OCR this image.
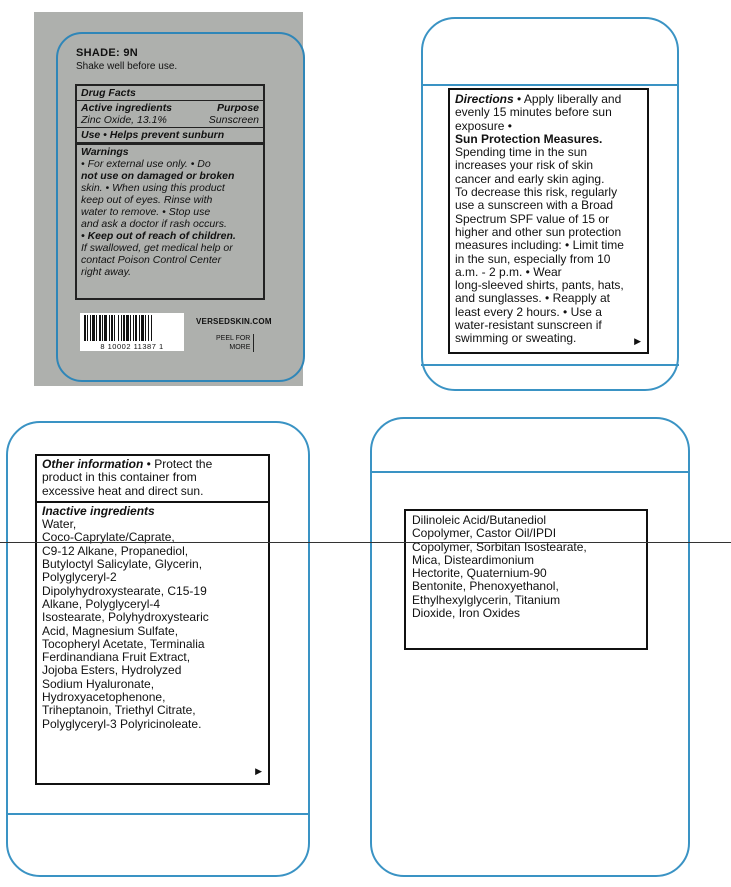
SHADE: 9N
Shake well before use.
Drug Facts
Active ingredients	Purpose
Zinc Oxide, 13.1%	Sunscreen
Use • Helps prevent sunburn
Warnings
• For external use only. • Do
not use on damaged or broken
skin. • When using this product
keep out of eyes. Rinse with
water to remove. • Stop use
and ask a doctor if rash occurs.
• Keep out of reach of children.
If swallowed, get medical help or
contact Poison Control Center
right away.
8 10002 11387 1
VERSEDSKIN.COM
PEEL FOR
MORE
Directions • Apply liberally and
evenly 15 minutes before sun
exposure •
Sun Protection Measures.
Spending time in the sun
increases your risk of skin
cancer and early skin aging.
To decrease this risk, regularly
use a sunscreen with a Broad
Spectrum SPF value of 15 or
higher and other sun protection
measures including: • Limit time
in the sun, especially from 10
a.m. - 2 p.m. • Wear
long-sleeved shirts, pants, hats,
and sunglasses. • Reapply at
least every 2 hours. • Use a
water-resistant sunscreen if
swimming or sweating.	▶
Other information • Protect the
product in this container from
excessive heat and direct sun.
Inactive ingredients
Water,
Coco-Caprylate/Caprate,
C9-12 Alkane, Propanediol,
Butyloctyl Salicylate, Glycerin,
Polyglyceryl-2
Dipolyhydroxystearate, C15-19
Alkane, Polyglyceryl-4
Isostearate, Polyhydroxystearic
Acid, Magnesium Sulfate,
Tocopheryl Acetate, Terminalia
Ferdinandiana Fruit Extract,
Jojoba Esters, Hydrolyzed
Sodium Hyaluronate,
Hydroxyacetophenone,
Triheptanoin, Triethyl Citrate,
Polyglyceryl-3 Polyricinoleate.
▶
Dilinoleic Acid/Butanediol
Copolymer, Castor Oil/IPDI
Copolymer, Sorbitan Isostearate,
Mica, Disteardimonium
Hectorite, Quaternium-90
Bentonite, Phenoxyethanol,
Ethylhexylglycerin, Titanium
Dioxide, Iron Oxides
